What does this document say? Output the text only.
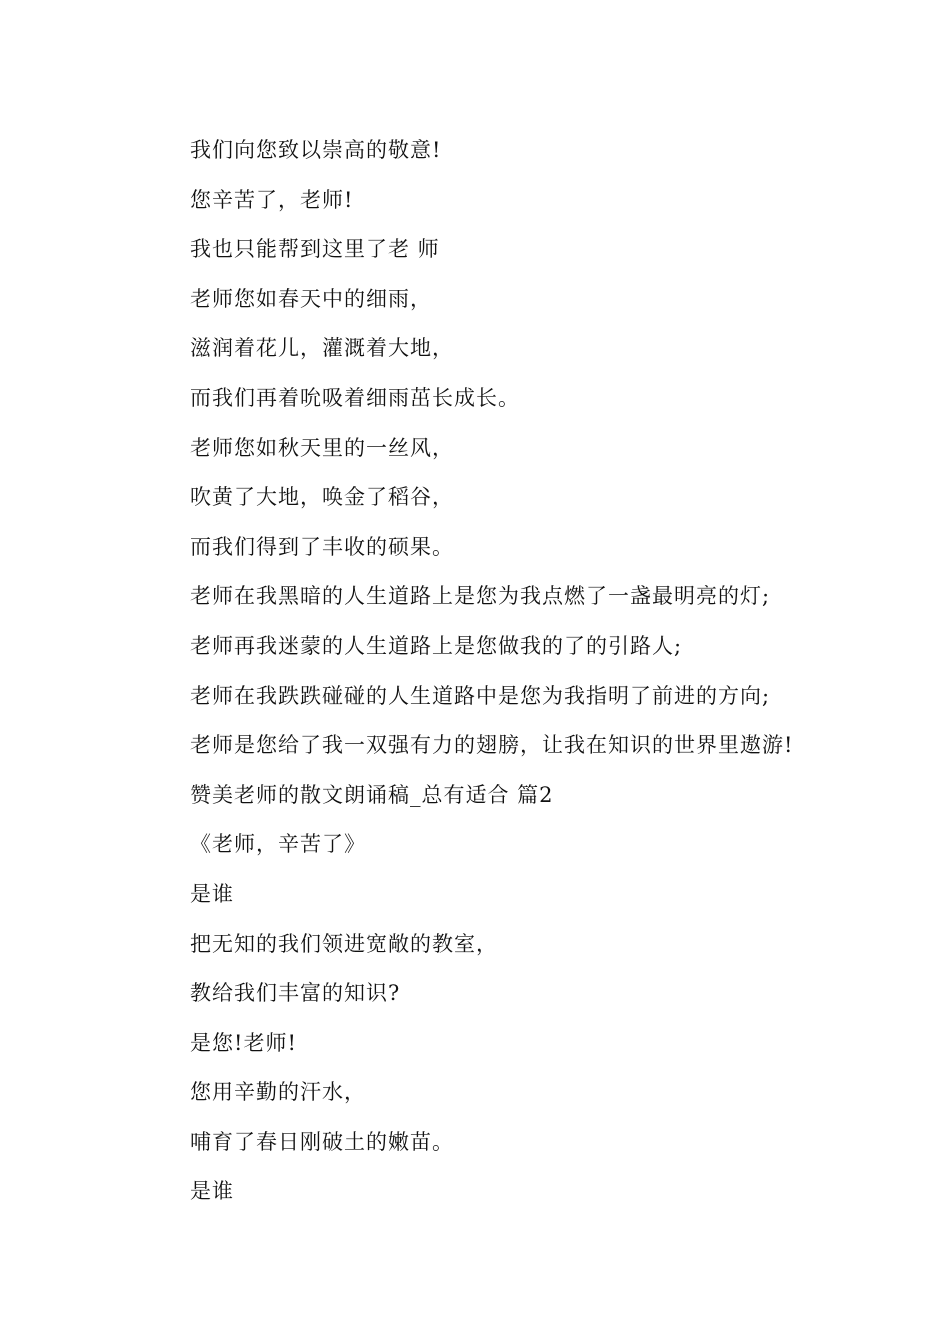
我们向您致以崇高的敬意!
您辛苦了，老师!
我也只能帮到这里了老 师
老师您如春天中的细雨，
滋润着花儿，灌溉着大地，
而我们再着吮吸着细雨茁长成长。
老师您如秋天里的一丝风，
吹黄了大地，唤金了稻谷，
而我们得到了丰收的硕果。
老师在我黑暗的人生道路上是您为我点燃了一盏最明亮的灯;
老师再我迷蒙的人生道路上是您做我的了的引路人;
老师在我跌跌碰碰的人生道路中是您为我指明了前进的方向;
老师是您给了我一双强有力的翅膀，让我在知识的世界里遨游!
赞美老师的散文朗诵稿_总有适合 篇2
《老师，辛苦了》
是谁
把无知的我们领进宽敞的教室，
教给我们丰富的知识?
是您!老师!
您用辛勤的汗水，
哺育了春日刚破土的嫩苗。
是谁
